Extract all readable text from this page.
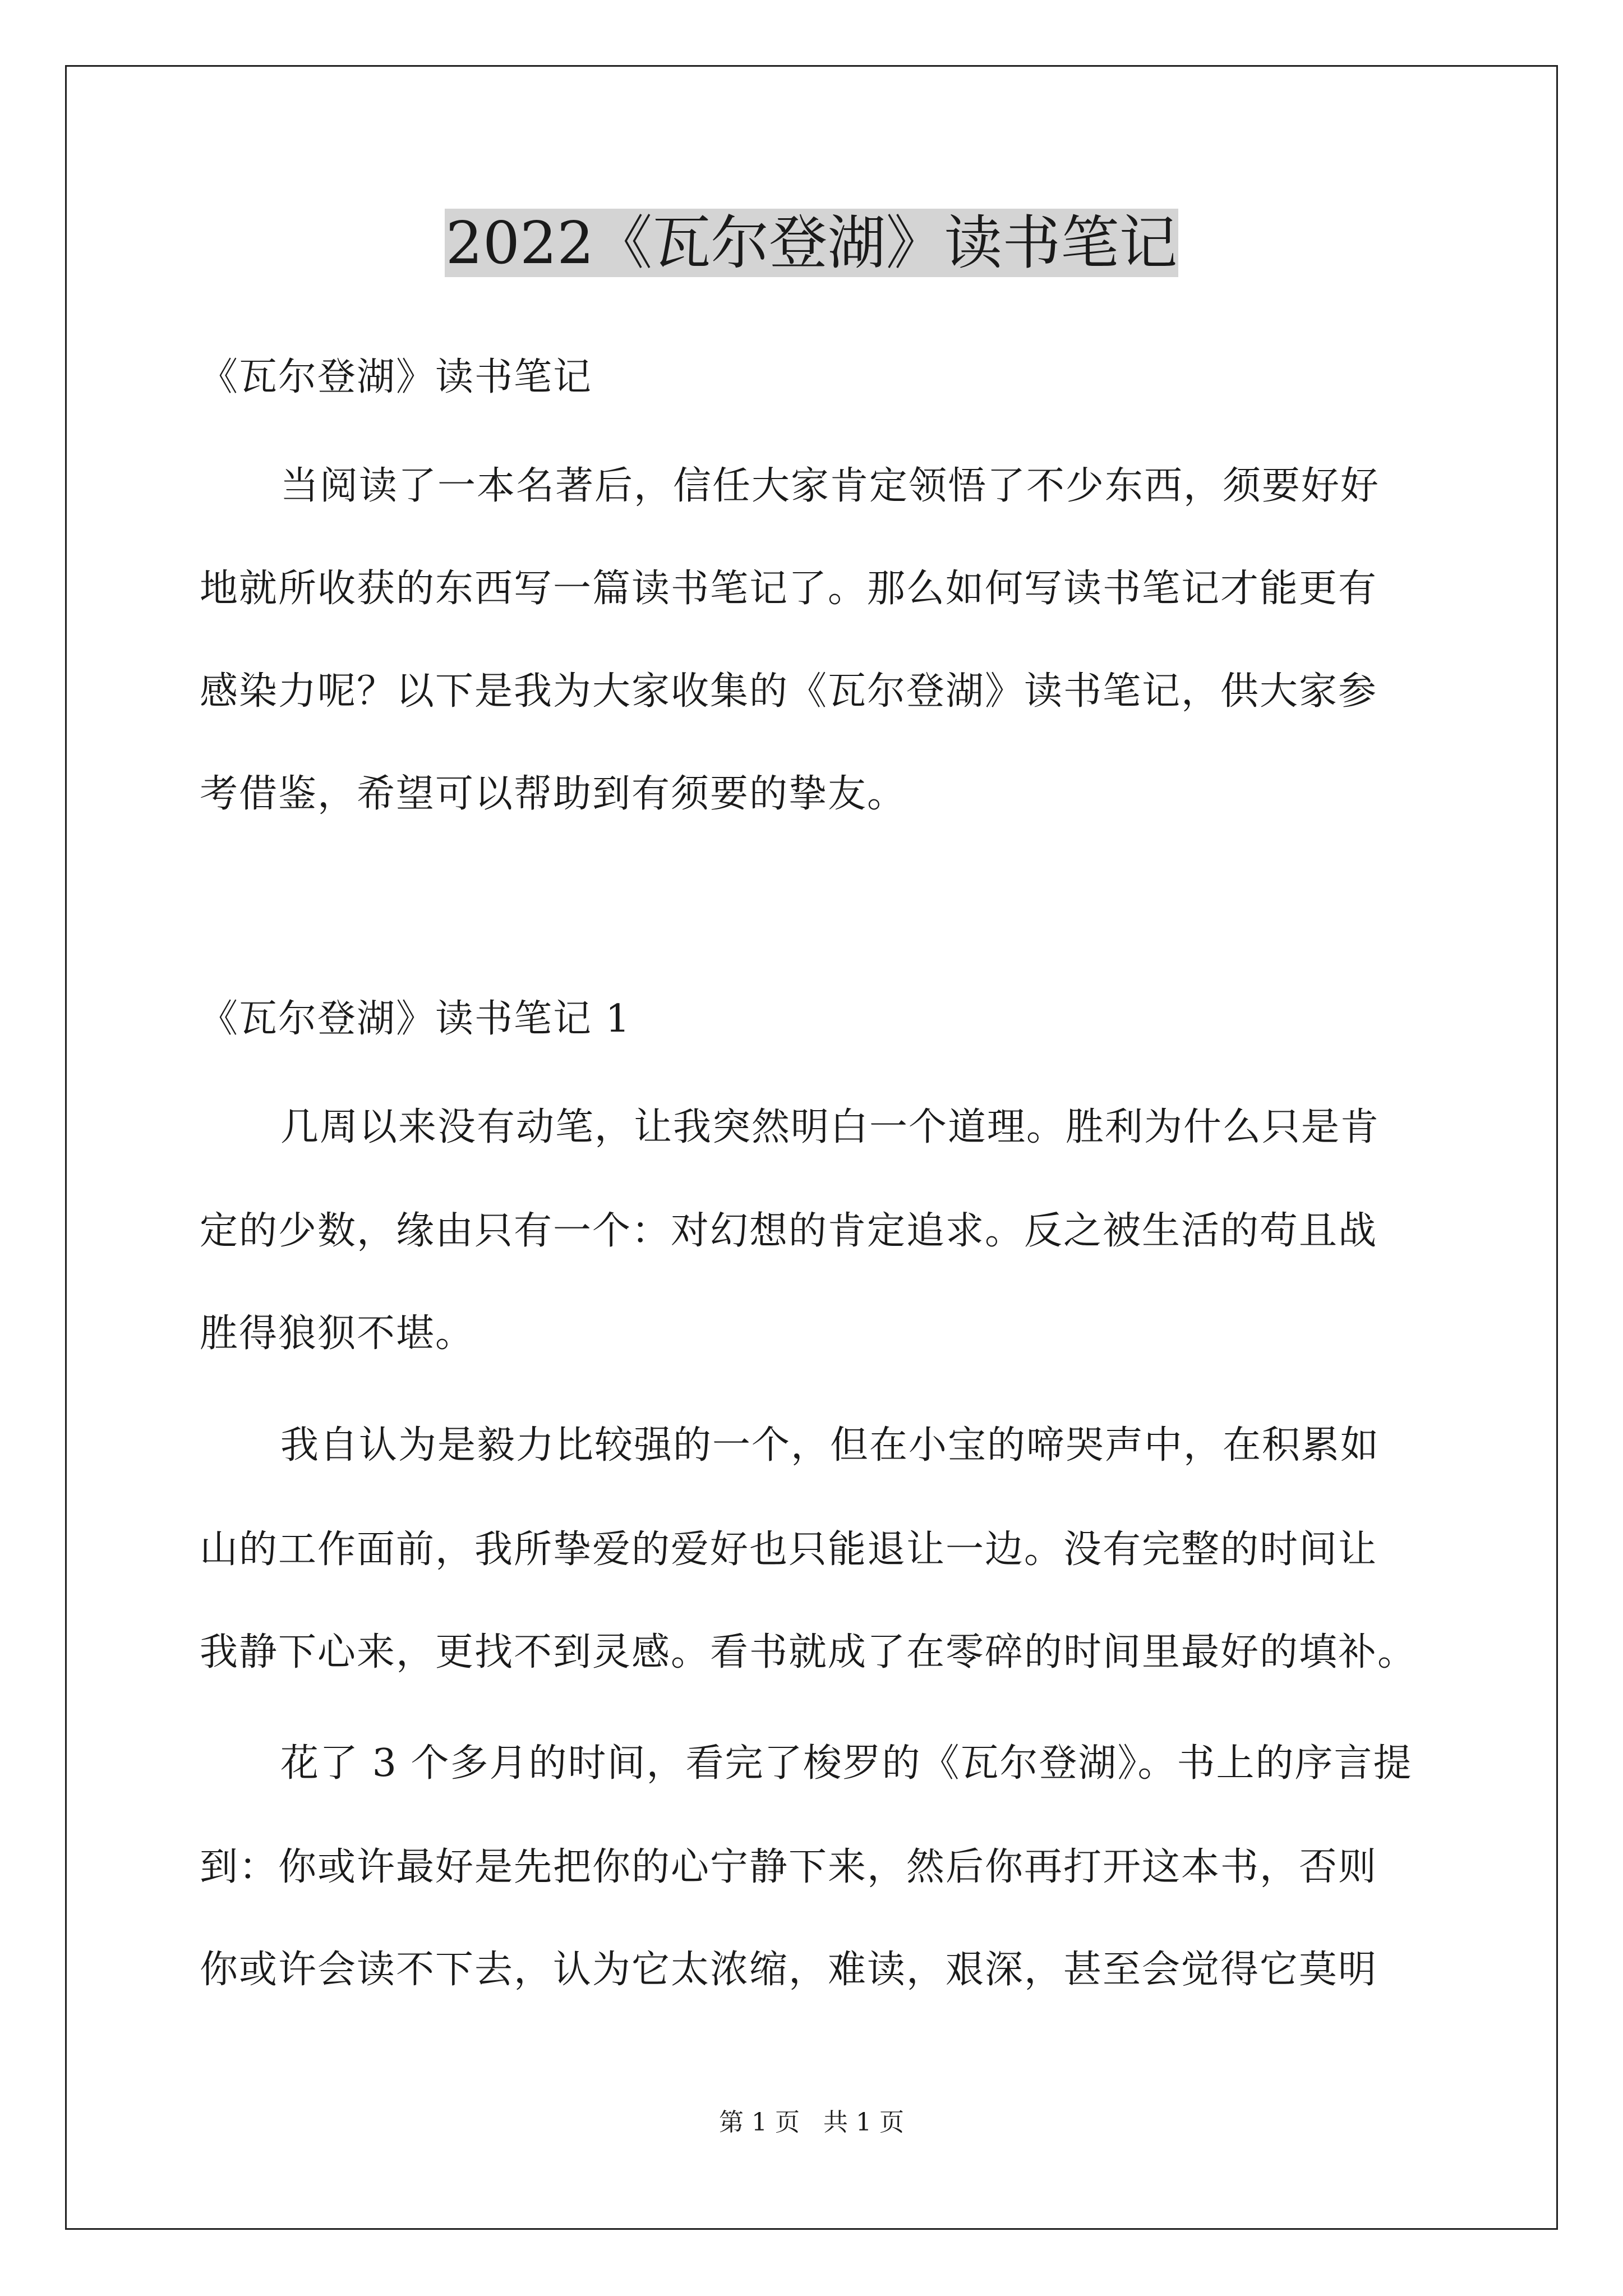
2022《瓦尔登湖》读书笔记
《瓦尔登湖》读书笔记
当阅读了一本名著后，信任大家肯定领悟了不少东西，须要好好
地就所收获的东西写一篇读书笔记了。那么如何写读书笔记才能更有
感染力呢？以下是我为大家收集的《瓦尔登湖》读书笔记，供大家参
考借鉴，希望可以帮助到有须要的挚友。
《瓦尔登湖》读书笔记 1
几周以来没有动笔，让我突然明白一个道理。胜利为什么只是肯
定的少数，缘由只有一个：对幻想的肯定追求。反之被生活的苟且战
胜得狼狈不堪。
我自认为是毅力比较强的一个，但在小宝的啼哭声中，在积累如
山的工作面前，我所挚爱的爱好也只能退让一边。没有完整的时间让
我静下心来，更找不到灵感。看书就成了在零碎的时间里最好的填补。
花了 3 个多月的时间，看完了梭罗的《瓦尔登湖》。书上的序言提
到：你或许最好是先把你的心宁静下来，然后你再打开这本书，否则
你或许会读不下去，认为它太浓缩，难读，艰深，甚至会觉得它莫明
第 1 页   共 1 页
